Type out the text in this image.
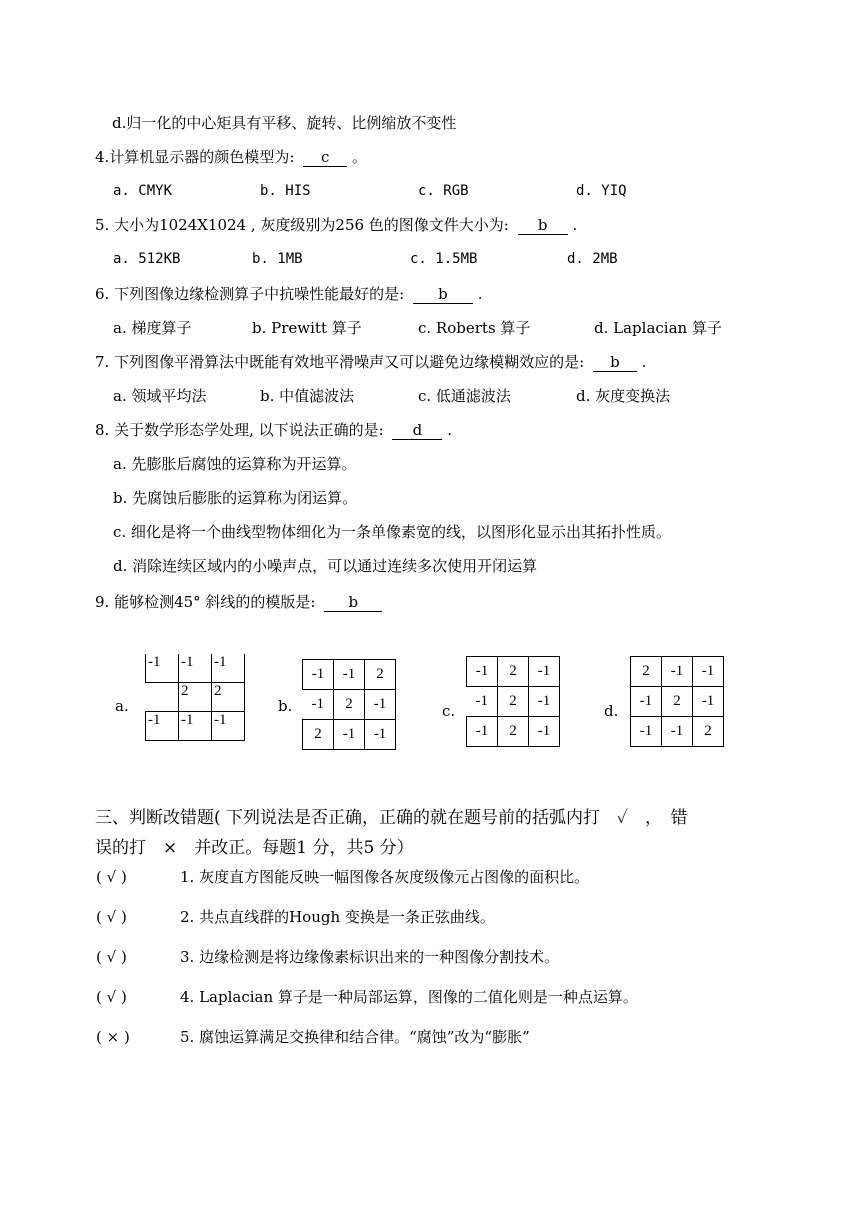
d.归一化的中心矩具有平移、旋转、比例缩放不变性
4.计算机显示器的颜色模型为: c 。
a. CMYK	b. HIS	c. RGB	d. YIQ
5. 大小为1024X1024 , 灰度级别为256 色的图像文件大小为: b .
a. 512KB	b. 1MB	c. 1.5MB	d. 2MB
6. 下列图像边缘检测算子中抗噪性能最好的是: b .
a. 梯度算子	b. Prewitt 算子	c. Roberts 算子	d. Laplacian 算子
7. 下列图像平滑算法中既能有效地平滑噪声又可以避免边缘模糊效应的是: b .
a. 领域平均法	b. 中值滤波法	c. 低通滤波法	d. 灰度变换法
8. 关于数学形态学处理, 以下说法正确的是: d .
a. 先膨胀后腐蚀的运算称为开运算。
b. 先腐蚀后膨胀的运算称为闭运算。
c. 细化是将一个曲线型物体细化为一条单像素宽的线，以图形化显示出其拓扑性质。
d. 消除连续区域内的小噪声点，可以通过连续多次使用开闭运算
9. 能够检测45° 斜线的的模版是: b
a.
-1	-1	-1
	2	2
-1	-1	-1
b.
-1	-1	2
-1	2	-1
2	-1	-1
c.
-1	2	-1
-1	2	-1
-1	2	-1
d.
2	-1	-1
-1	2	-1
-1	-1	2
三、判断改错题( 下列说法是否正确，正确的就在题号前的括弧内打　✓　，　错
误的打　×　并改正。每题1 分，共5 分）
( √ )	1. 灰度直方图能反映一幅图像各灰度级像元占图像的面积比。
( √ )	2. 共点直线群的Hough 变换是一条正弦曲线。
( √ )	3. 边缘检测是将边缘像素标识出来的一种图像分割技术。
( √ )	4. Laplacian 算子是一种局部运算，图像的二值化则是一种点运算。
( × )	5. 腐蚀运算满足交换律和结合律。“腐蚀”改为“膨胀”
